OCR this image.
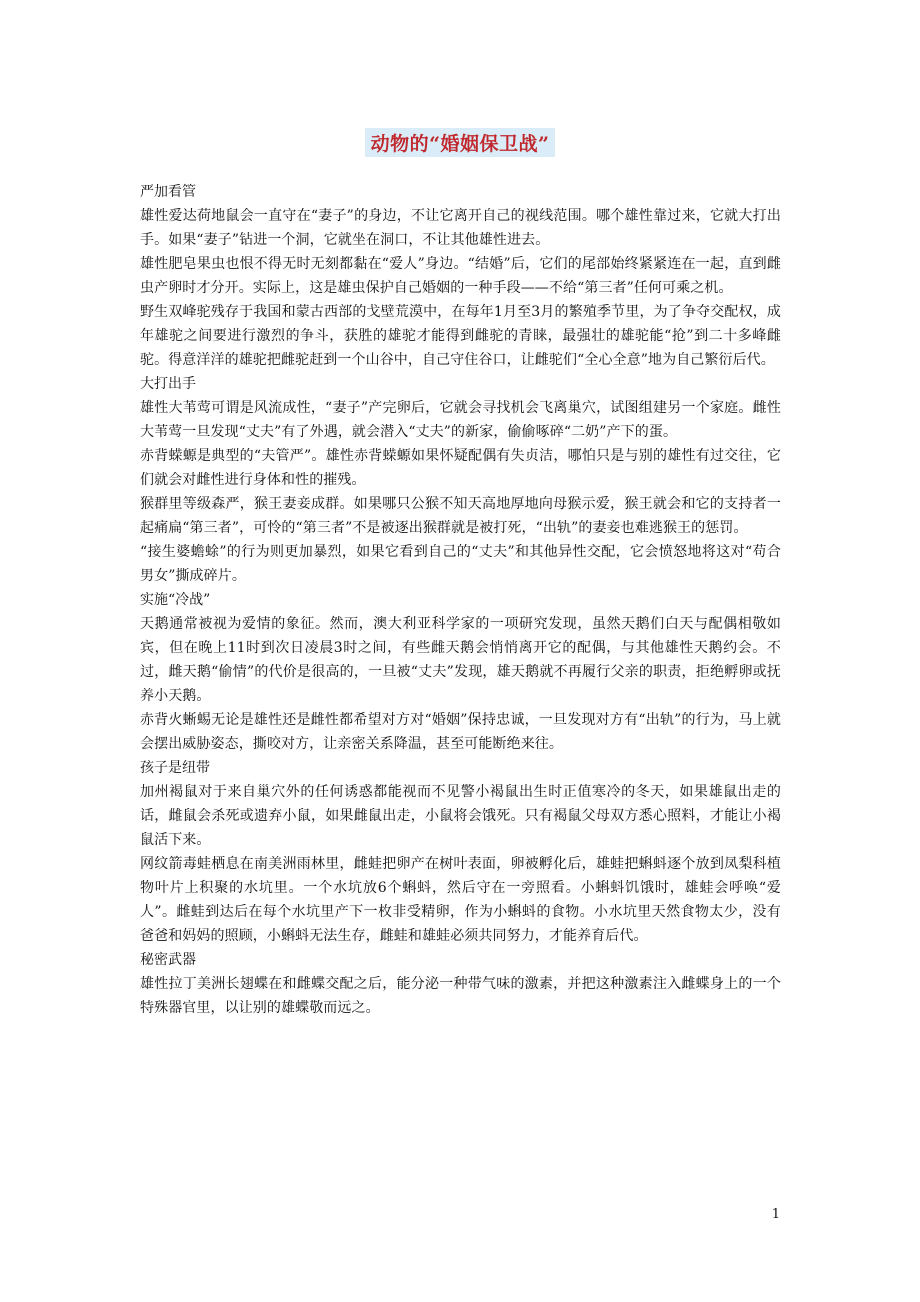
动物的“婚姻保卫战”

严加看管

雄性爱达荷地鼠会一直守在“妻子”的身边，不让它离开自己的视线范围。哪个雄性靠过来，它就大打出手。如果“妻子”钻进一个洞，它就坐在洞口，不让其他雄性进去。

雄性肥皂果虫也恨不得无时无刻都黏在“爱人”身边。“结婚”后，它们的尾部始终紧紧连在一起，直到雌虫产卵时才分开。实际上，这是雄虫保护自己婚姻的一种手段——不给“第三者”任何可乘之机。

野生双峰驼残存于我国和蒙古西部的戈壁荒漠中，在每年1月至3月的繁殖季节里，为了争夺交配权，成年雄驼之间要进行激烈的争斗，获胜的雄驼才能得到雌驼的青睐，最强壮的雄驼能“抢”到二十多峰雌驼。得意洋洋的雄驼把雌驼赶到一个山谷中，自己守住谷口，让雌驼们“全心全意”地为自己繁衍后代。

大打出手

雄性大苇莺可谓是风流成性，“妻子”产完卵后，它就会寻找机会飞离巢穴，试图组建另一个家庭。雌性大苇莺一旦发现“丈夫”有了外遇，就会潜入“丈夫”的新家，偷偷啄碎“二奶”产下的蛋。

赤背蝾螈是典型的“夫管严”。雄性赤背蝾螈如果怀疑配偶有失贞洁，哪怕只是与别的雄性有过交往，它们就会对雌性进行身体和性的摧残。

猴群里等级森严，猴王妻妾成群。如果哪只公猴不知天高地厚地向母猴示爱，猴王就会和它的支持者一起痛扁“第三者”，可怜的“第三者”不是被逐出猴群就是被打死，“出轨”的妻妾也难逃猴王的惩罚。

“接生婆蟾蜍”的行为则更加暴烈，如果它看到自己的“丈夫”和其他异性交配，它会愤怒地将这对“苟合男女”撕成碎片。

实施“冷战”

天鹅通常被视为爱情的象征。然而，澳大利亚科学家的一项研究发现，虽然天鹅们白天与配偶相敬如宾，但在晚上11时到次日凌晨3时之间，有些雌天鹅会悄悄离开它的配偶，与其他雄性天鹅约会。不过，雌天鹅“偷情”的代价是很高的，一旦被“丈夫”发现，雄天鹅就不再履行父亲的职责，拒绝孵卵或抚养小天鹅。

赤背火蜥蜴无论是雄性还是雌性都希望对方对“婚姻”保持忠诚，一旦发现对方有“出轨”的行为，马上就会摆出威胁姿态，撕咬对方，让亲密关系降温，甚至可能断绝来往。

孩子是纽带

加州褐鼠对于来自巢穴外的任何诱惑都能视而不见警小褐鼠出生时正值寒冷的冬天，如果雄鼠出走的话，雌鼠会杀死或遗弃小鼠，如果雌鼠出走，小鼠将会饿死。只有褐鼠父母双方悉心照料，才能让小褐鼠活下来。

网纹箭毒蛙栖息在南美洲雨林里，雌蛙把卵产在树叶表面，卵被孵化后，雄蛙把蝌蚪逐个放到凤梨科植物叶片上积聚的水坑里。一个水坑放6个蝌蚪，然后守在一旁照看。小蝌蚪饥饿时，雄蛙会呼唤“爱人”。雌蛙到达后在每个水坑里产下一枚非受精卵，作为小蝌蚪的食物。小水坑里天然食物太少，没有爸爸和妈妈的照顾，小蝌蚪无法生存，雌蛙和雄蛙必须共同努力，才能养育后代。

秘密武器

雄性拉丁美洲长翅蝶在和雌蝶交配之后，能分泌一种带气味的激素，并把这种激素注入雌蝶身上的一个特殊器官里，以让别的雄蝶敬而远之。

1
